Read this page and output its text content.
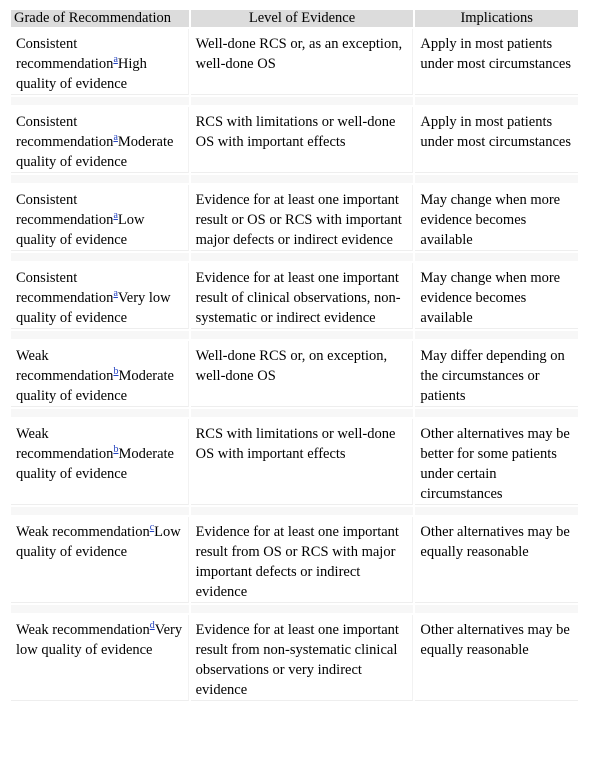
Grade of Recommendation	Level of Evidence	Implications
Consistent recommendation$^a$High quality of evidence	Well-done RCS or, as an exception, well-done OS	Apply in most patients under most circumstances

Consistent recommendation$^a$Moderate quality of evidence	RCS with limitations or well-done OS with important effects	Apply in most patients under most circumstances

Consistent recommendation$^a$Low quality of evidence	Evidence for at least one important result or OS or RCS with important major defects or indirect evidence	May change when more evidence becomes available

Consistent recommendation$^a$Very low quality of evidence	Evidence for at least one important result of clinical observations, non-systematic or indirect evidence	May change when more evidence becomes available

Weak recommendation$^b$Moderate quality of evidence	Well-done RCS or, on exception, well-done OS	May differ depending on the circumstances or patients

Weak recommendation$^b$Moderate quality of evidence	RCS with limitations or well-done OS with important effects	Other alternatives may be better for some patients under certain circumstances

Weak recommendation$^c$Low quality of evidence	Evidence for at least one important result from OS or RCS with major important defects or indirect evidence	Other alternatives may be equally reasonable

Weak recommendation$^d$Very low quality of evidence	Evidence for at least one important result from non-systematic clinical observations or very indirect evidence	Other alternatives may be equally reasonable
